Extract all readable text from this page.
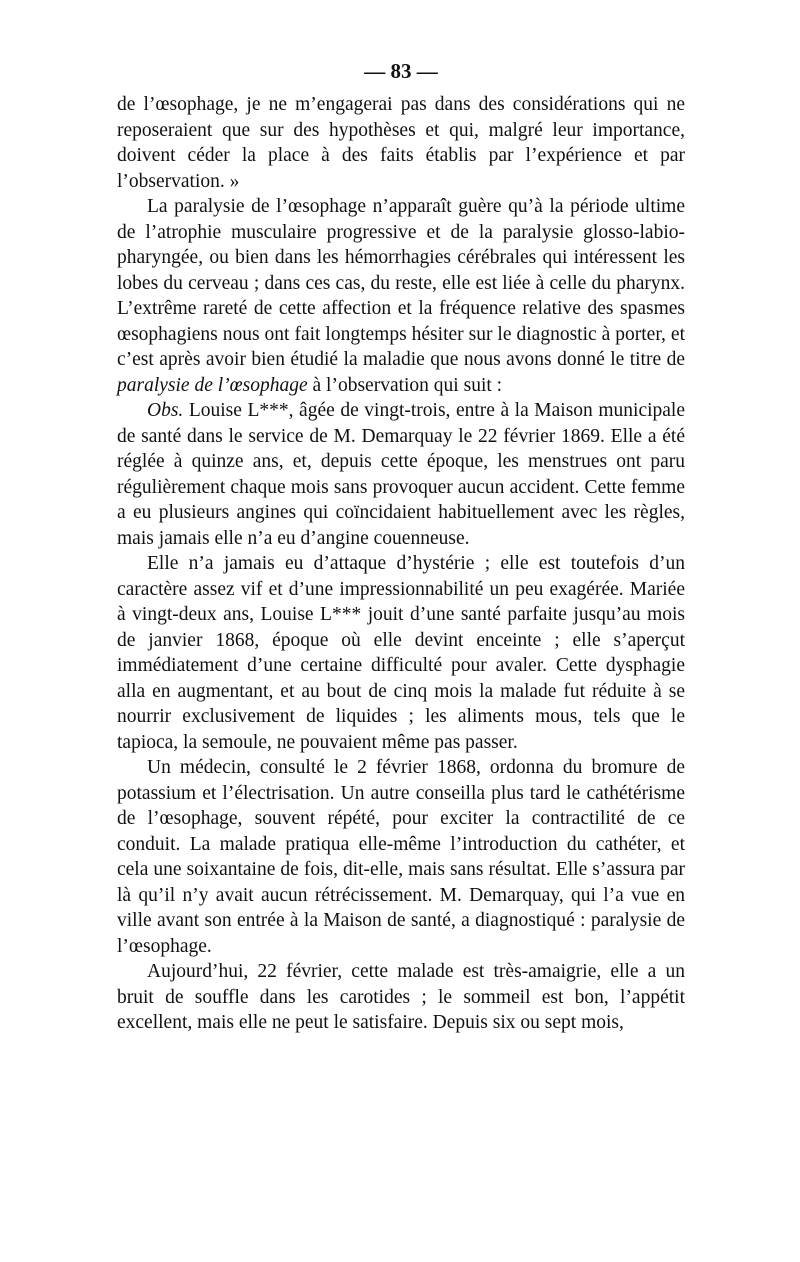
— 83 —

de l’œsophage, je ne m’engagerai pas dans des considérations qui ne reposeraient que sur des hypothèses et qui, malgré leur importance, doivent céder la place à des faits établis par l’expérience et par l’observation. »

La paralysie de l’œsophage n’apparaît guère qu’à la période ultime de l’atrophie musculaire progressive et de la paralysie glosso-labio-pharyngée, ou bien dans les hémorrhagies cérébrales qui intéressent les lobes du cerveau ; dans ces cas, du reste, elle est liée à celle du pharynx. L’extrême rareté de cette affection et la fréquence relative des spasmes œsophagiens nous ont fait longtemps hésiter sur le diagnostic à porter, et c’est après avoir bien étudié la maladie que nous avons donné le titre de paralysie de l’œsophage à l’observation qui suit :

Obs. Louise L***, âgée de vingt-trois, entre à la Maison municipale de santé dans le service de M. Demarquay le 22 février 1869. Elle a été réglée à quinze ans, et, depuis cette époque, les menstrues ont paru régulièrement chaque mois sans provoquer aucun accident. Cette femme a eu plusieurs angines qui coïncidaient habituellement avec les règles, mais jamais elle n’a eu d’angine couenneuse.

Elle n’a jamais eu d’attaque d’hystérie ; elle est toutefois d’un caractère assez vif et d’une impressionnabilité un peu exagérée. Mariée à vingt-deux ans, Louise L*** jouit d’une santé parfaite jusqu’au mois de janvier 1868, époque où elle devint enceinte ; elle s’aperçut immédiatement d’une certaine difficulté pour avaler. Cette dysphagie alla en augmentant, et au bout de cinq mois la malade fut réduite à se nourrir exclusivement de liquides ; les aliments mous, tels que le tapioca, la semoule, ne pouvaient même pas passer.

Un médecin, consulté le 2 février 1868, ordonna du bromure de potassium et l’électrisation. Un autre conseilla plus tard le cathétérisme de l’œsophage, souvent répété, pour exciter la contractilité de ce conduit. La malade pratiqua elle-même l’introduction du cathéter, et cela une soixantaine de fois, dit-elle, mais sans résultat. Elle s’assura par là qu’il n’y avait aucun rétrécissement. M. Demarquay, qui l’a vue en ville avant son entrée à la Maison de santé, a diagnostiqué : paralysie de l’œsophage.

Aujourd’hui, 22 février, cette malade est très-amaigrie, elle a un bruit de souffle dans les carotides ; le sommeil est bon, l’appétit excellent, mais elle ne peut le satisfaire. Depuis six ou sept mois,
